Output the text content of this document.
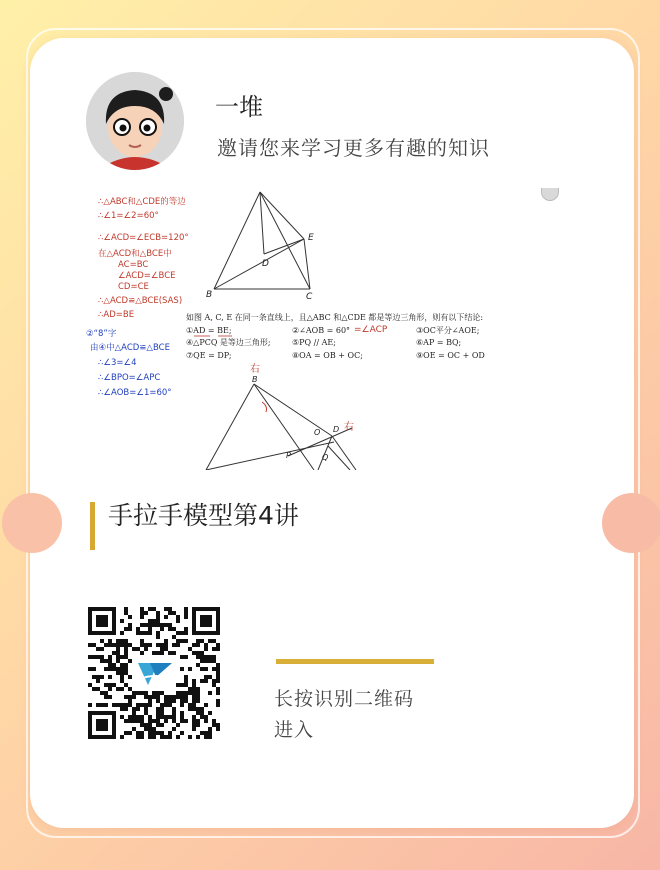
一堆
邀请您来学习更多有趣的知识
∴△ABC和△CDE的等边
∴∠1=∠2=60°
∴∠ACD=∠ECB=120°
在△ACD和△BCE中
AC=BC
∠ACD=∠BCE
CD=CE
∴△ACD≌△BCE(SAS)
∴AD=BE
②“8”字
由④中△ACD≌△BCE
∴∠3=∠4
∴∠BPO=∠APC
∴∠AOB=∠1=60°
D
E
B	C
如图 A, C, E 在同一条直线上，且△ABC 和△CDE 都是等边三角形，则有以下结论:
①AD = BE;	②∠AOB = 60°	③OC平分∠AOE;
④△PCQ 是等边三角形;	⑤PQ // AE;	⑥AP = BQ;
⑦QE = DP;	⑧OA = OB + OC;	⑨OE = OC + OD
=∠ACP
B
O D
P	Q
右
右
手拉手模型第4讲
长按识别二维码
进入
